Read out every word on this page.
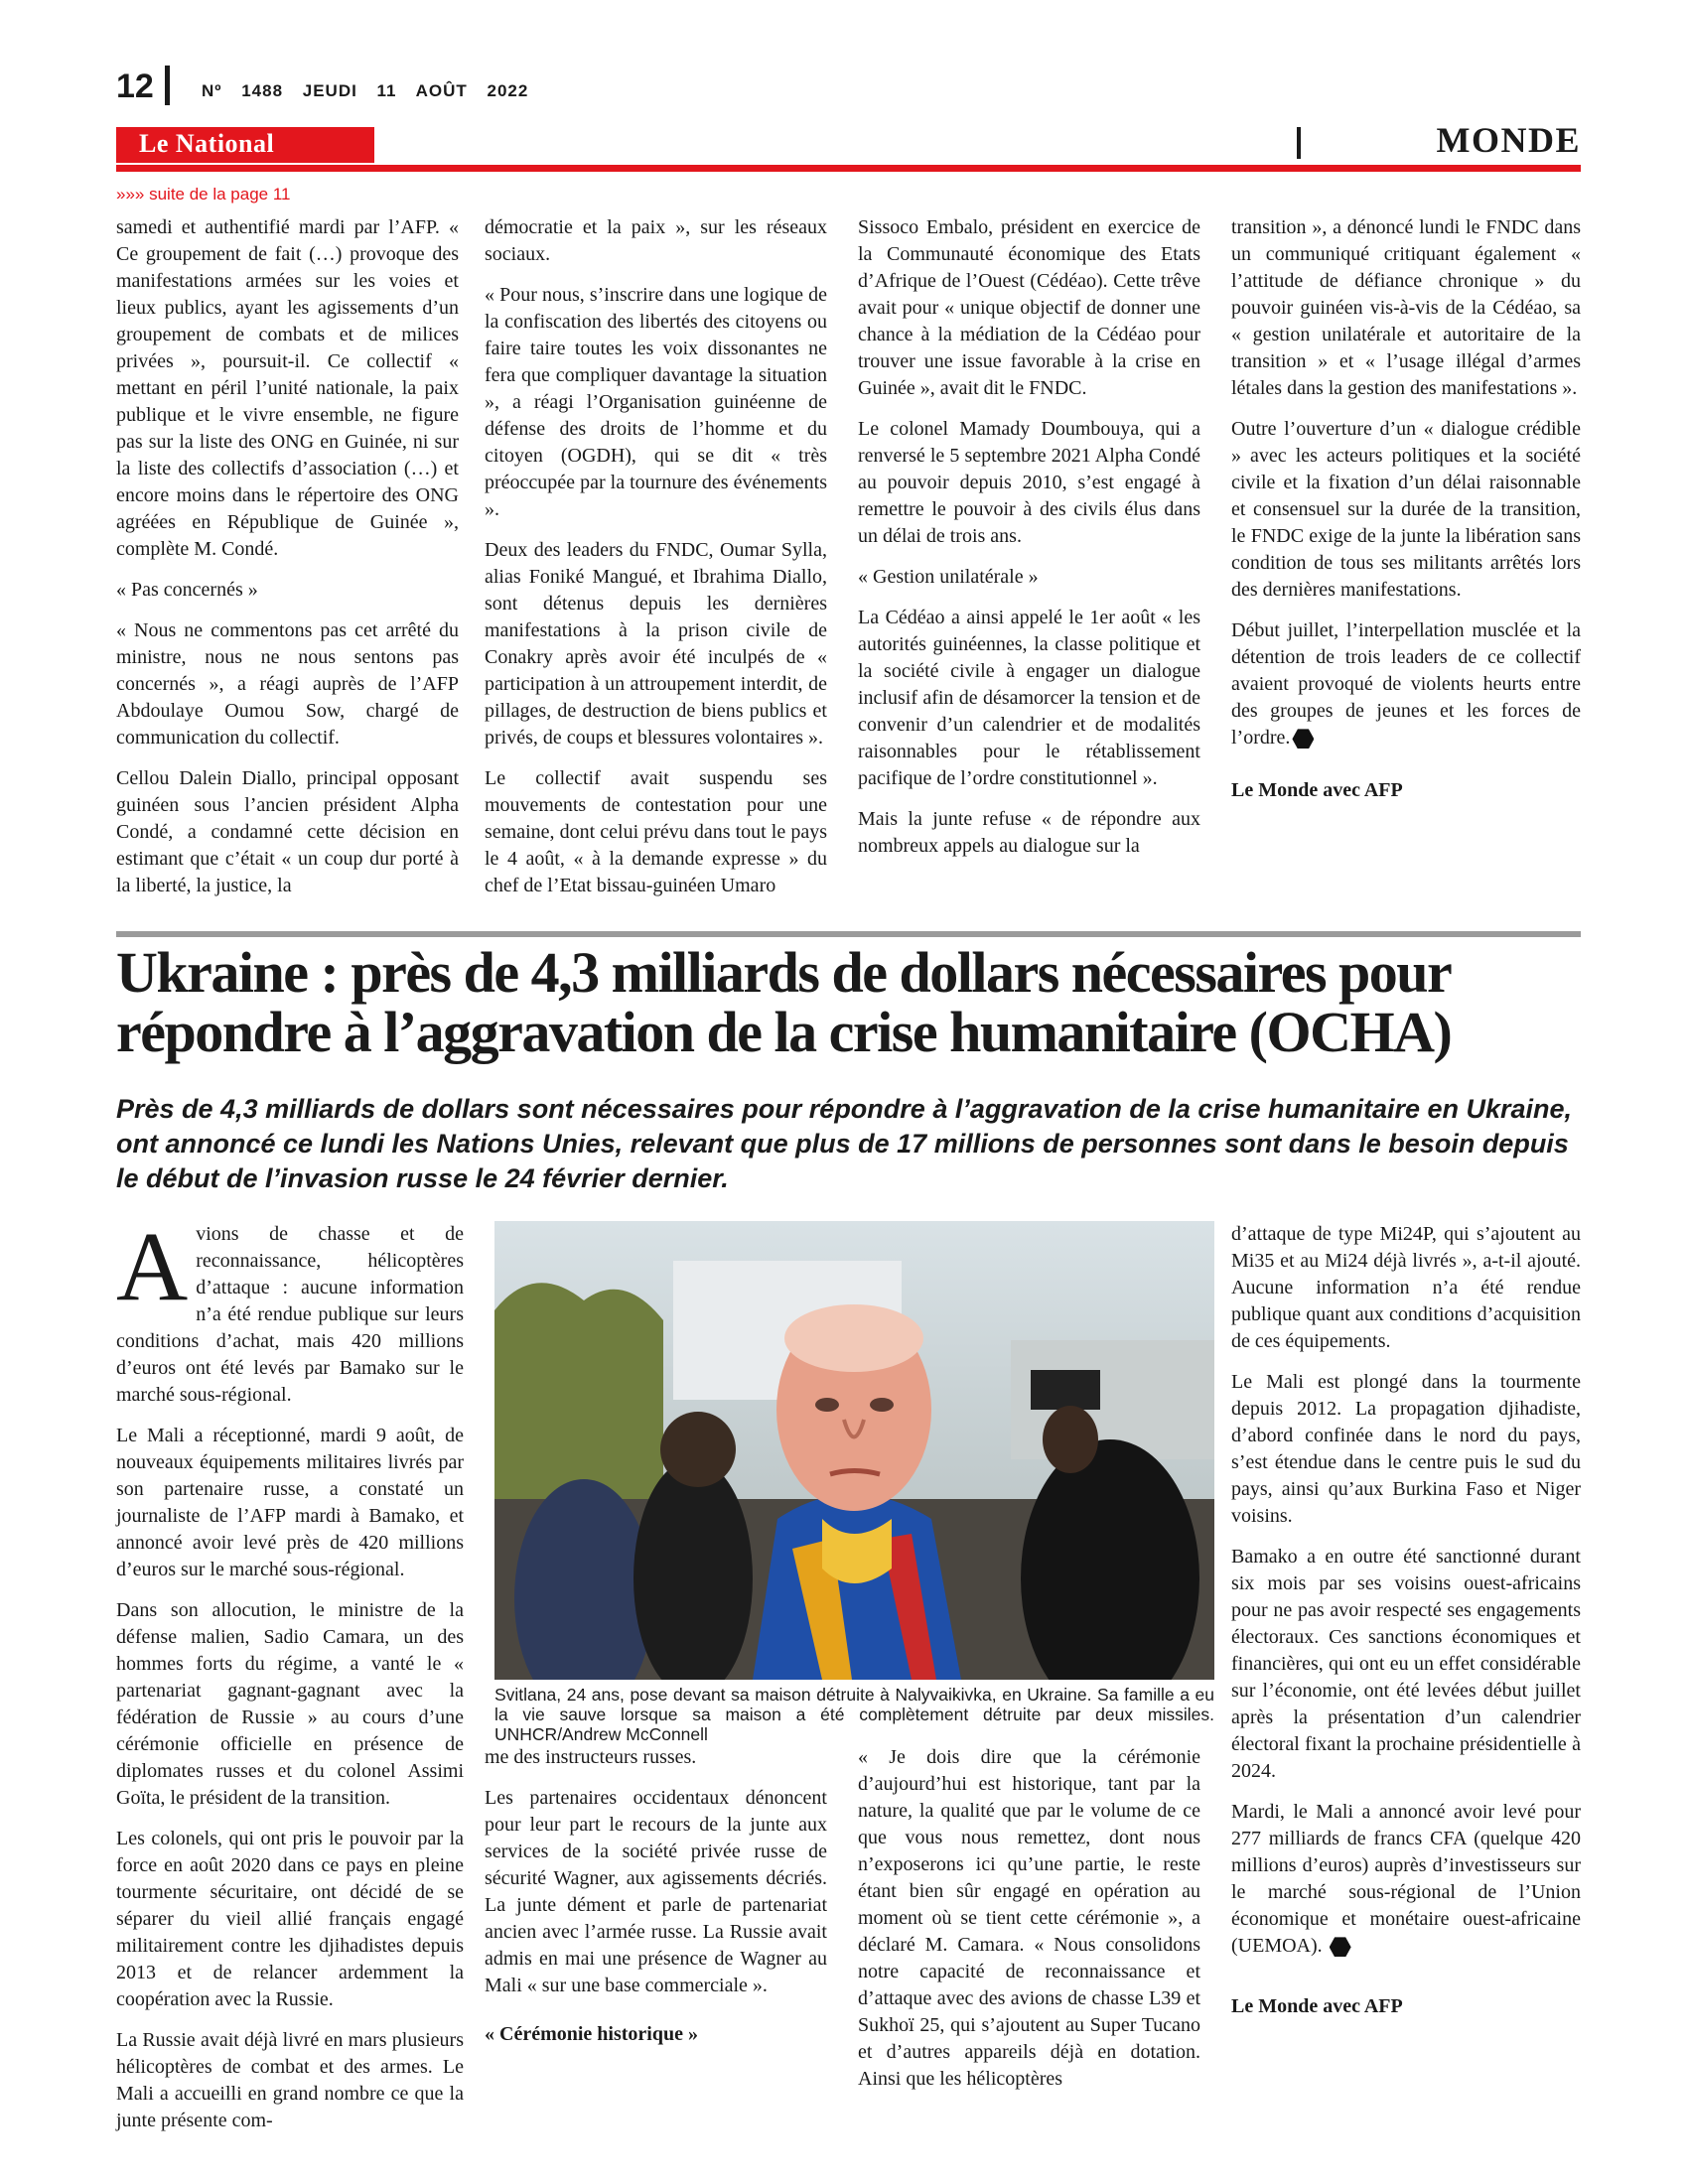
12	Nº 1488 JEUDI 11 AOÛT 2022
Le National	MONDE
»»» suite de la page 11

samedi et authentifié mardi par l’AFP. « Ce groupement de fait (…) provoque des manifestations armées sur les voies et lieux publics, ayant les agissements d’un groupement de combats et de milices privées », poursuit-il. Ce collectif « mettant en péril l’unité nationale, la paix publique et le vivre ensemble, ne figure pas sur la liste des ONG en Guinée, ni sur la liste des collectifs d’association (…) et encore moins dans le répertoire des ONG agréées en République de Guinée », complète M. Condé.

« Pas concernés »

« Nous ne commentons pas cet arrêté du ministre, nous ne nous sentons pas concernés », a réagi auprès de l’AFP Abdoulaye Oumou Sow, chargé de communication du collectif.

Cellou Dalein Diallo, principal opposant guinéen sous l’ancien président Alpha Condé, a condamné cette décision en estimant que c’était « un coup dur porté à la liberté, la justice, la

démocratie et la paix », sur les réseaux sociaux.

« Pour nous, s’inscrire dans une logique de la confiscation des libertés des citoyens ou faire taire toutes les voix dissonantes ne fera que compliquer davantage la situation », a réagi l’Organisation guinéenne de défense des droits de l’homme et du citoyen (OGDH), qui se dit « très préoccupée par la tournure des événements ».

Deux des leaders du FNDC, Oumar Sylla, alias Foniké Mangué, et Ibrahima Diallo, sont détenus depuis les dernières manifestations à la prison civile de Conakry après avoir été inculpés de « participation à un attroupement interdit, de pillages, de destruction de biens publics et privés, de coups et blessures volontaires ».

Le collectif avait suspendu ses mouvements de contestation pour une semaine, dont celui prévu dans tout le pays le 4 août, « à la demande expresse » du chef de l’Etat bissau-guinéen Umaro

Sissoco Embalo, président en exercice de la Communauté économique des Etats d’Afrique de l’Ouest (Cédéao). Cette trêve avait pour « unique objectif de donner une chance à la médiation de la Cédéao pour trouver une issue favorable à la crise en Guinée », avait dit le FNDC.

Le colonel Mamady Doumbouya, qui a renversé le 5 septembre 2021 Alpha Condé au pouvoir depuis 2010, s’est engagé à remettre le pouvoir à des civils élus dans un délai de trois ans.

« Gestion unilatérale »

La Cédéao a ainsi appelé le 1er août « les autorités guinéennes, la classe politique et la société civile à engager un dialogue inclusif afin de désamorcer la tension et de convenir d’un calendrier et de modalités raisonnables pour le rétablissement pacifique de l’ordre constitutionnel ».

Mais la junte refuse « de répondre aux nombreux appels au dialogue sur la

transition », a dénoncé lundi le FNDC dans un communiqué critiquant également « l’attitude de défiance chronique » du pouvoir guinéen vis-à-vis de la Cédéao, sa « gestion unilatérale et autoritaire de la transition » et « l’usage illégal d’armes létales dans la gestion des manifestations ».

Outre l’ouverture d’un « dialogue crédible » avec les acteurs politiques et la société civile et la fixation d’un délai raisonnable et consensuel sur la durée de la transition, le FNDC exige de la junte la libération sans condition de tous ses militants arrêtés lors des dernières manifestations.

Début juillet, l’interpellation musclée et la détention de trois leaders de ce collectif avaient provoqué de violents heurts entre des groupes de jeunes et les forces de l’ordre.

Le Monde avec AFP

Ukraine : près de 4,3 milliards de dollars nécessaires pour répondre à l’aggravation de la crise humanitaire (OCHA)
Près de 4,3 milliards de dollars sont nécessaires pour répondre à l’aggravation de la crise humanitaire en Ukraine, ont annoncé ce lundi les Nations Unies, relevant que plus de 17 millions de personnes sont dans le besoin depuis le début de l’invasion russe le 24 février dernier.

Avions de chasse et de reconnaissance, hélicoptères d’attaque : aucune information n’a été rendue publique sur leurs conditions d’achat, mais 420 millions d’euros ont été levés par Bamako sur le marché sous-régional.

Le Mali a réceptionné, mardi 9 août, de nouveaux équipements militaires livrés par son partenaire russe, a constaté un journaliste de l’AFP mardi à Bamako, et annoncé avoir levé près de 420 millions d’euros sur le marché sous-régional.

Dans son allocution, le ministre de la défense malien, Sadio Camara, un des hommes forts du régime, a vanté le « partenariat gagnant-gagnant avec la fédération de Russie » au cours d’une cérémonie officielle en présence de diplomates russes et du colonel Assimi Goïta, le président de la transition.

Les colonels, qui ont pris le pouvoir par la force en août 2020 dans ce pays en pleine tourmente sécuritaire, ont décidé de se séparer du vieil allié français engagé militairement contre les djihadistes depuis 2013 et de relancer ardemment la coopération avec la Russie.

La Russie avait déjà livré en mars plusieurs hélicoptères de combat et des armes. Le Mali a accueilli en grand nombre ce que la junte présente com-

Svitlana, 24 ans, pose devant sa maison détruite à Nalyvaikivka, en Ukraine. Sa famille a eu la vie sauve lorsque sa maison a été complètement détruite par deux missiles. UNHCR/Andrew McConnell

me des instructeurs russes.

Les partenaires occidentaux dénoncent pour leur part le recours de la junte aux services de la société privée russe de sécurité Wagner, aux agissements décriés. La junte dément et parle de partenariat ancien avec l’armée russe. La Russie avait admis en mai une présence de Wagner au Mali « sur une base commerciale ».

« Cérémonie historique »

« Je dois dire que la cérémonie d’aujourd’hui est historique, tant par la nature, la qualité que par le volume de ce que vous nous remettez, dont nous n’exposerons ici qu’une partie, le reste étant bien sûr engagé en opération au moment où se tient cette cérémonie », a déclaré M. Camara. « Nous consolidons notre capacité de reconnaissance et d’attaque avec des avions de chasse L39 et Sukhoï 25, qui s’ajoutent au Super Tucano et d’autres appareils déjà en dotation. Ainsi que les hélicoptères

d’attaque de type Mi24P, qui s’ajoutent au Mi35 et au Mi24 déjà livrés », a-t-il ajouté. Aucune information n’a été rendue publique quant aux conditions d’acquisition de ces équipements.

Le Mali est plongé dans la tourmente depuis 2012. La propagation djihadiste, d’abord confinée dans le nord du pays, s’est étendue dans le centre puis le sud du pays, ainsi qu’aux Burkina Faso et Niger voisins.

Bamako a en outre été sanctionné durant six mois par ses voisins ouest-africains pour ne pas avoir respecté ses engagements électoraux. Ces sanctions économiques et financières, qui ont eu un effet considérable sur l’économie, ont été levées début juillet après la présentation d’un calendrier électoral fixant la prochaine présidentielle à 2024.

Mardi, le Mali a annoncé avoir levé pour 277 milliards de francs CFA (quelque 420 millions d’euros) auprès d’investisseurs sur le marché sous-régional de l’Union économique et monétaire ouest-africaine (UEMOA).

Le Monde avec AFP
